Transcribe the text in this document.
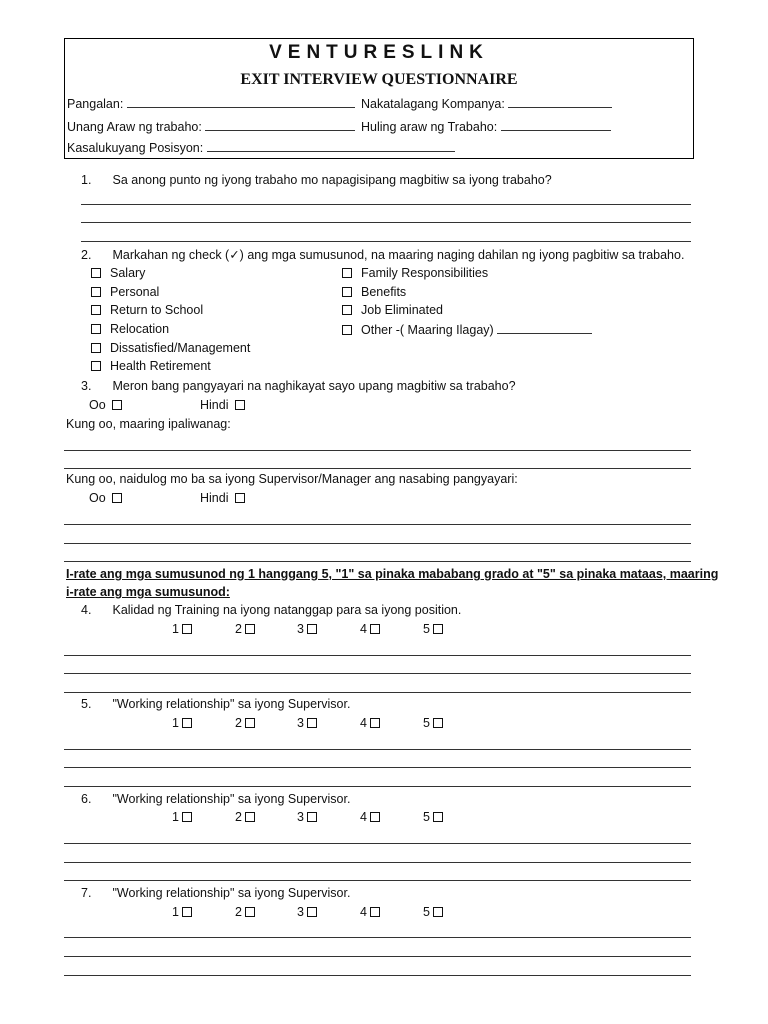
VENTURESLINK
EXIT INTERVIEW QUESTIONNAIRE
Pangalan:	Nakatalagang Kompanya:
Unang Araw ng trabaho:	Huling araw ng Trabaho:
Kasalukuyang Posisyon:
1. Sa anong punto ng iyong trabaho mo napagisipang magbitiw sa iyong trabaho?
2. Markahan ng check (✓) ang mga sumusunod, na maaring naging dahilan ng iyong pagbitiw sa trabaho.
Salary
Personal
Return to School
Relocation
Dissatisfied/Management
Health Retirement
Family Responsibilities
Benefits
Job Eliminated
Other -( Maaring Ilagay)
3. Meron bang pangyayari na naghikayat sayo upang magbitiw sa trabaho?
Oo	Hindi
Kung oo, maaring ipaliwanag:
Kung oo, naidulog mo ba sa iyong Supervisor/Manager ang nasabing pangyayari:
Oo	Hindi
I-rate ang mga sumusunod ng 1 hanggang 5, "1" sa pinaka mababang grado at "5" sa pinaka mataas, maaring
i-rate ang mga sumusunod:
4. Kalidad ng Training na iyong natanggap para sa iyong position.
1	2	3	4	5
5. "Working relationship" sa iyong Supervisor.
1	2	3	4	5
6. "Working relationship" sa iyong Supervisor.
1	2	3	4	5
7. "Working relationship" sa iyong Supervisor.
1	2	3	4	5
